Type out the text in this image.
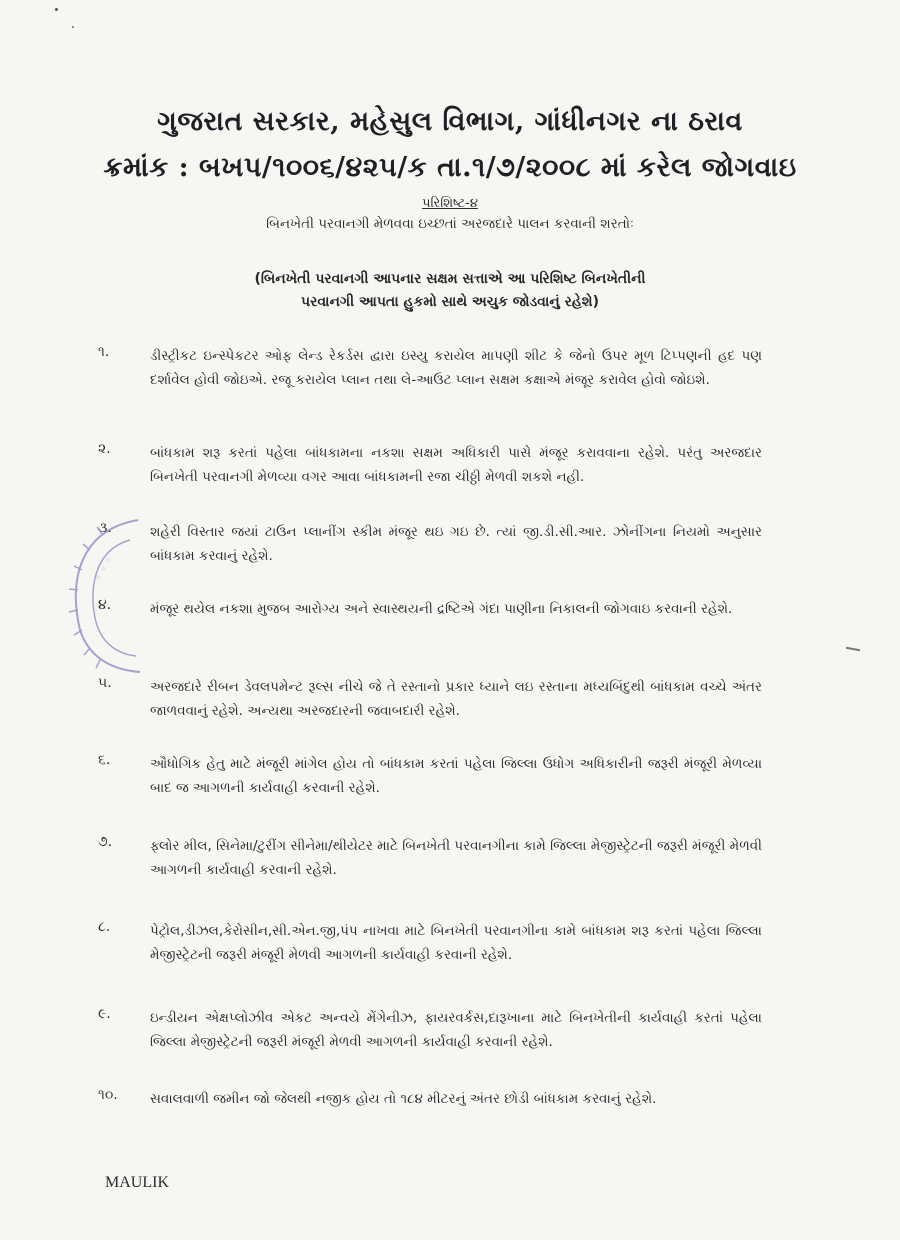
ગુજરાત સરકાર, મહેસુલ વિભાગ, ગાંધીનગર ના ઠરાવ
ક્રમાંક : બખપ/૧૦૦૬/૪૨૫/ક તા.૧/૭/૨૦૦૮ માં કરેલ જોગવાઇ
પરિશિષ્ટ-૪
બિનખેતી પરવાનગી મેળવવા ઇચ્છતાં અરજદારે પાલન કરવાની શરતોઃ
(બિનખેતી પરવાનગી આપનાર સક્ષમ સત્તાએ આ પરિશિષ્ટ બિનખેતીની
પરવાનગી આપતા હુકમો સાથે અચુક જોડવાનું રહેશે)
૧.	ડીસ્ટ્રીકટ ઇન્સ્પેકટર ઓફ લેન્ડ રેકર્ડસ દ્વારા ઇસ્યુ કરાયેલ માપણી શીટ કે જેનો ઉપર મૂળ ટિપ્પણની હદ પણ દર્શાવેલ હોવી જોઇએ. રજૂ કરાયેલ પ્લાન તથા લે-આઉટ પ્લાન સક્ષમ કક્ષાએ મંજૂર કરાવેલ હોવો જોઇશે.
૨.	બાંધકામ શરૂ કરતાં પહેલા બાંધકામના નકશા સક્ષમ અધિકારી પાસે મંજૂર કરાવવાના રહેશે. પરંતુ અરજદાર બિનખેતી પરવાનગી મેળવ્યા વગર આવા બાંધકામની રજા ચીઠ્ઠી મેળવી શકશે નહી.
૩.	શહેરી વિસ્તાર જયાં ટાઉન પ્લાનીંગ સ્કીમ મંજૂર થઇ ગઇ છે. ત્યાં જી.ડી.સી.આર. ઝોનીંગના નિયમો અનુસાર બાંધકામ કરવાનું રહેશે.
૪.	મંજૂર થયેલ નકશા મુજબ આરોગ્ય અને સ્વાસ્થયની દ્રષ્ટિએ ગંદા પાણીના નિકાલની જોગવાઇ કરવાની રહેશે.
૫.	અરજદારે રીબન ડેવલપમેન્ટ રૂલ્સ નીચે જે તે રસ્તાનો પ્રકાર ધ્યાને લઇ રસ્તાના મધ્યબિંદુથી બાંધકામ વચ્ચે અંતર જાળવવાનું રહેશે. અન્યથા અરજદારની જવાબદારી રહેશે.
૬.	ઔધોગિક હેતુ માટે મંજૂરી માંગેલ હોય તો બાંધકામ કરતાં પહેલા જિલ્લા ઉધોગ અધિકારીની જરૂરી મંજૂરી મેળવ્યા બાદ જ આગળની કાર્યવાહી કરવાની રહેશે.
૭.	ફ્લોર મીલ, સિનેમા/ટુરીંગ સીનેમા/થીયેટર માટે બિનખેતી પરવાનગીના કામે જિલ્લા મેજીસ્ટ્રેટની જરૂરી મંજૂરી મેળવી આગળની કાર્યવાહી કરવાની રહેશે.
૮.	પેટ્રોલ,ડીઝલ,કેરોસીન,સી.એન.જી,પંપ નાખવા માટે બિનખેતી પરવાનગીના કામે બાંધકામ શરૂ કરતાં પહેલા જિલ્લા મેજીસ્ટ્રેટની જરૂરી મંજૂરી મેળવી આગળની કાર્યવાહી કરવાની રહેશે.
૯.	ઇન્ડીયન એક્ષપ્લોઝીવ એકટ અન્વયે મેંગેનીઝ, ફાયરવર્કસ,દારૂખાના માટે બિનખેતીની કાર્યવાહી કરતાં પહેલા જિલ્લા મેજીસ્ટ્રેટની જરૂરી મંજૂરી મેળવી આગળની કાર્યવાહી કરવાની રહેશે.
૧૦.	સવાલવાળી જમીન જો જેલથી નજીક હોય તો ૧૮૪ મીટરનું અંતર છોડી બાંધકામ કરવાનું રહેશે.
MAULIK
◦ ◦ ◦
